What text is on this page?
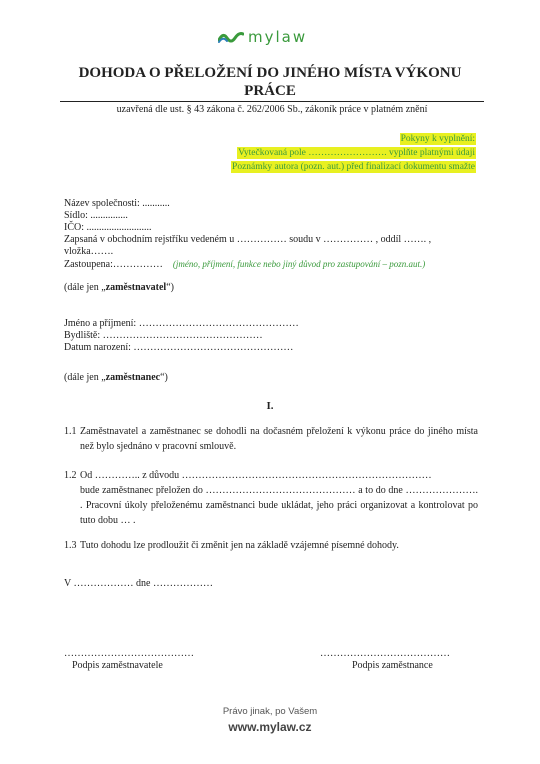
mylaw
DOHODA O PŘELOŽENÍ DO JINÉHO MÍSTA VÝKONU
PRÁCE
uzavřená dle ust. § 43 zákona č. 262/2006 Sb., zákoník práce v platném znění
Pokyny k vyplnění:
Vytečkovaná pole ……………………. vyplňte platnými údaji
Poznámky autora (pozn. aut.) před finalizací dokumentu smažte
Název společnosti: ...........
Sídlo: ...............
IČO: ..........................
Zapsaná v obchodním rejstříku vedeném u …………… soudu v …………… , oddíl ……. ,
vložka…….
Zastoupena:…………… (jméno, příjmení, funkce nebo jiný důvod pro zastupování – pozn.aut.)
(dále jen „zaměstnavatel“)
Jméno a příjmení: …………………………………………
Bydliště: …………………………………………
Datum narození: …………………………………………
(dále jen „zaměstnanec“)
I.
1.1 Zaměstnavatel a zaměstnanec se dohodli na dočasném přeložení k výkonu práce do jiného místa než bylo sjednáno v pracovní smlouvě.
1.2 Od ………….. z důvodu …………………………………………………………………
bude zaměstnanec přeložen do ……………………………………… a to do dne …………………. . Pracovní úkoly přeloženému zaměstnanci bude ukládat, jeho práci organizovat a kontrolovat po tuto dobu … .
1.3 Tuto dohodu lze prodloužit či změnit jen na základě vzájemné písemné dohody.
V ……………… dne ………………
…………………………………	…………………………………
Podpis zaměstnavatele	Podpis zaměstnance
Právo jinak, po Vašem
www.mylaw.cz
